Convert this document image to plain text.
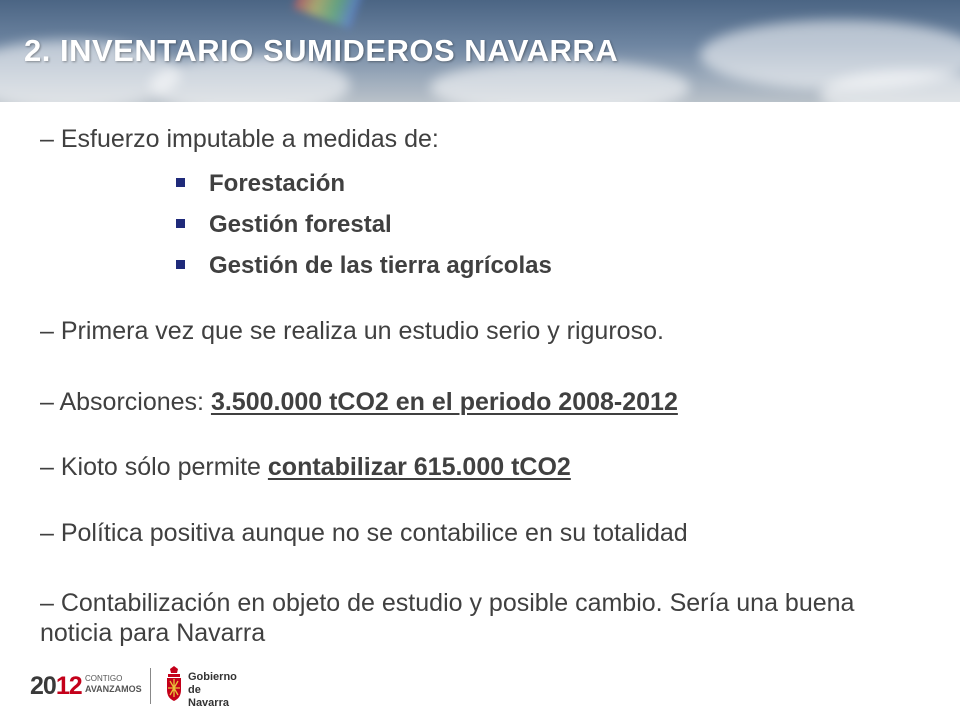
2. INVENTARIO SUMIDEROS NAVARRA

– Esfuerzo imputable a medidas de:

Forestación
Gestión forestal
Gestión de las tierra agrícolas

– Primera vez que se realiza un estudio serio y riguroso.

– Absorciones: 3.500.000 tCO2 en el periodo 2008-2012

– Kioto sólo permite contabilizar 615.000 tCO2

– Política positiva aunque no se contabilice en su totalidad

– Contabilización en objeto de estudio y posible cambio. Sería una buena noticia para Navarra

2012 CONTIGO
AVANZAMOS
Gobierno
de Navarra
